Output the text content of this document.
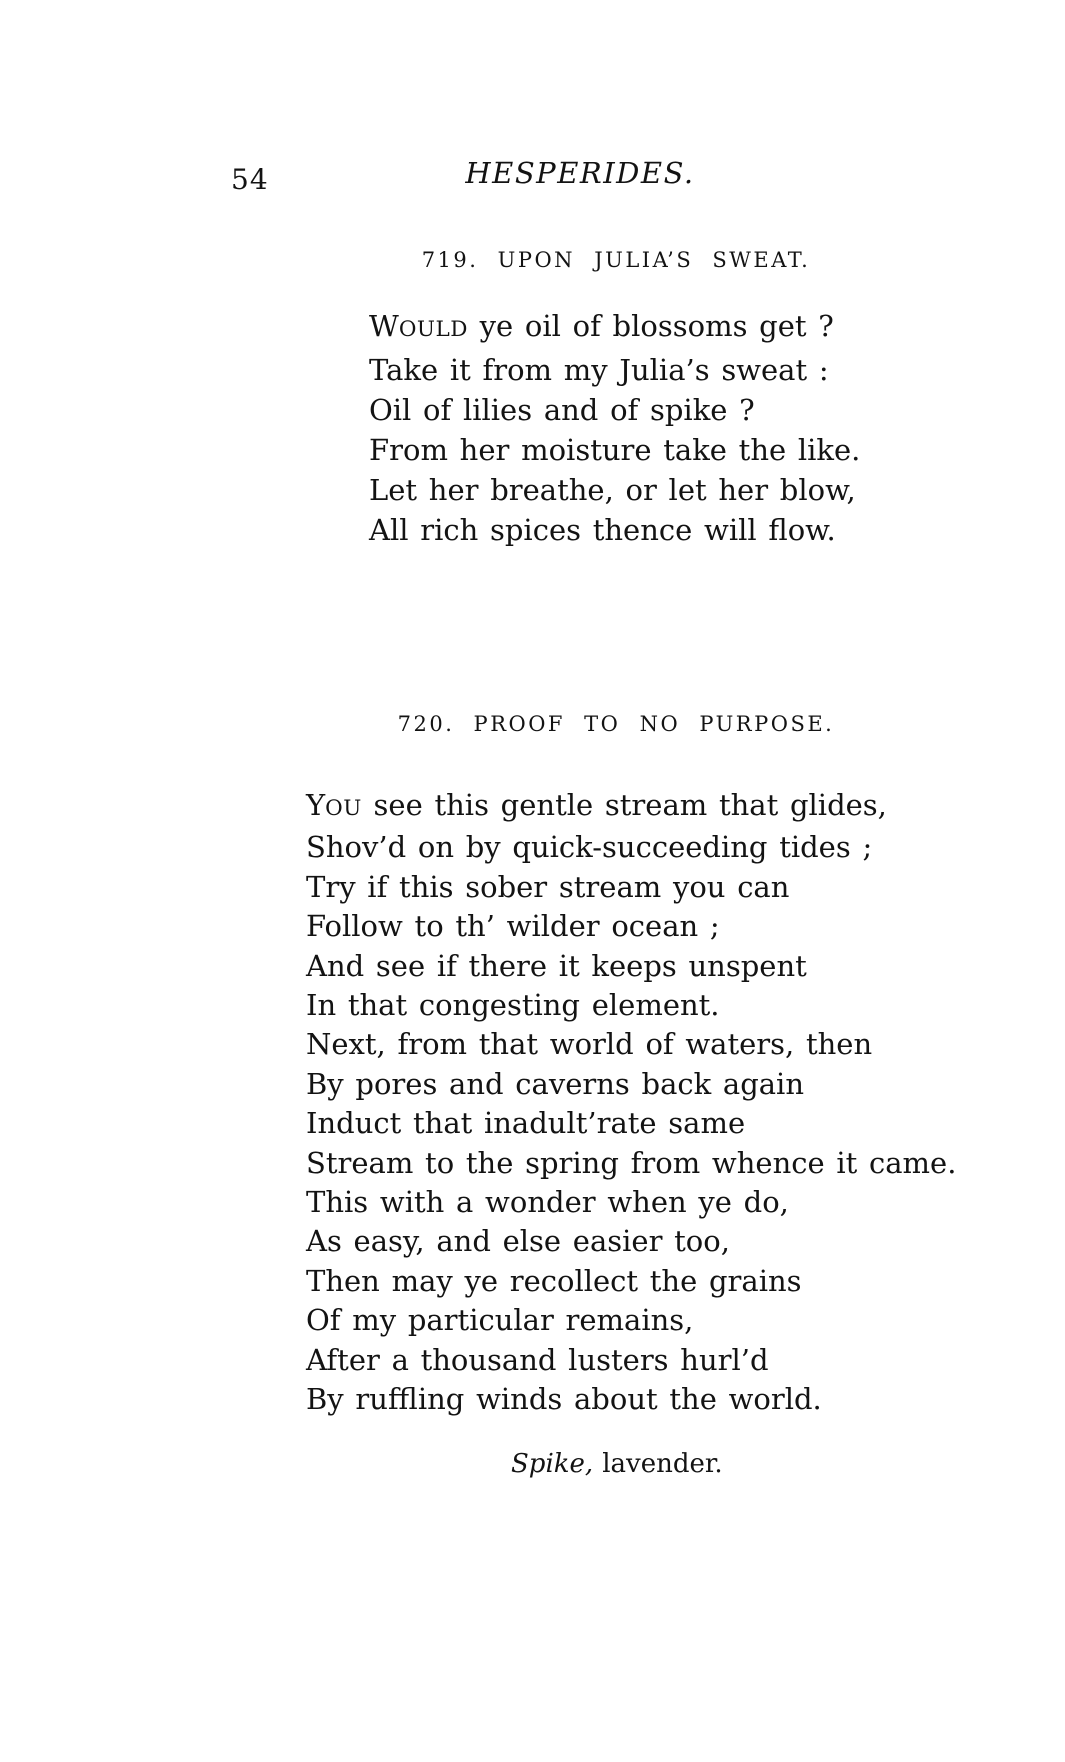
54	HESPERIDES.
719. UPON JULIA’S SWEAT.
WOULD ye oil of blossoms get ?
Take it from my Julia’s sweat :
Oil of lilies and of spike ?
From her moisture take the like.
Let her breathe, or let her blow,
All rich spices thence will flow.
720. PROOF TO NO PURPOSE.
YOU see this gentle stream that glides,
Shov’d on by quick-succeeding tides ;
Try if this sober stream you can
Follow to th’ wilder ocean ;
And see if there it keeps unspent
In that congesting element.
Next, from that world of waters, then
By pores and caverns back again
Induct that inadult’rate same
Stream to the spring from whence it came.
This with a wonder when ye do,
As easy, and else easier too,
Then may ye recollect the grains
Of my particular remains,
After a thousand lusters hurl’d
By ruffling winds about the world.
Spike, lavender.
